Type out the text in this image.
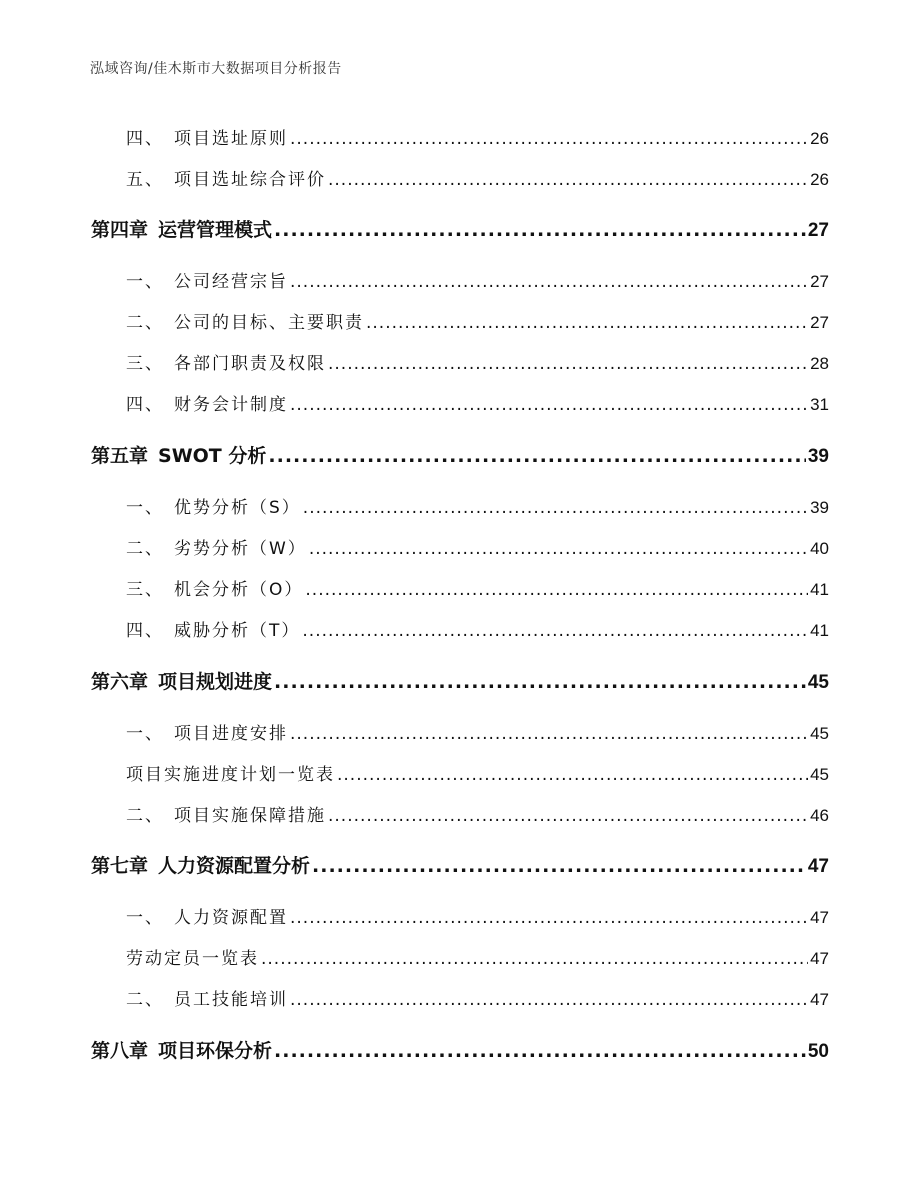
泓域咨询/佳木斯市大数据项目分析报告
四、 项目选址原则 .....	26
五、 项目选址综合评价 .....	26
第四章 运营管理模式 .....	27
一、 公司经营宗旨 .....	27
二、 公司的目标、主要职责 .....	27
三、 各部门职责及权限 .....	28
四、 财务会计制度 .....	31
第五章 SWOT 分析 .....	39
一、 优势分析（S） .....	39
二、 劣势分析（W） .....	40
三、 机会分析（O） .....	41
四、 威胁分析（T） .....	41
第六章 项目规划进度 .....	45
一、 项目进度安排 .....	45
项目实施进度计划一览表 .....	45
二、 项目实施保障措施 .....	46
第七章 人力资源配置分析 .....	47
一、 人力资源配置 .....	47
劳动定员一览表 .....	47
二、 员工技能培训 .....	47
第八章 项目环保分析 .....	50
